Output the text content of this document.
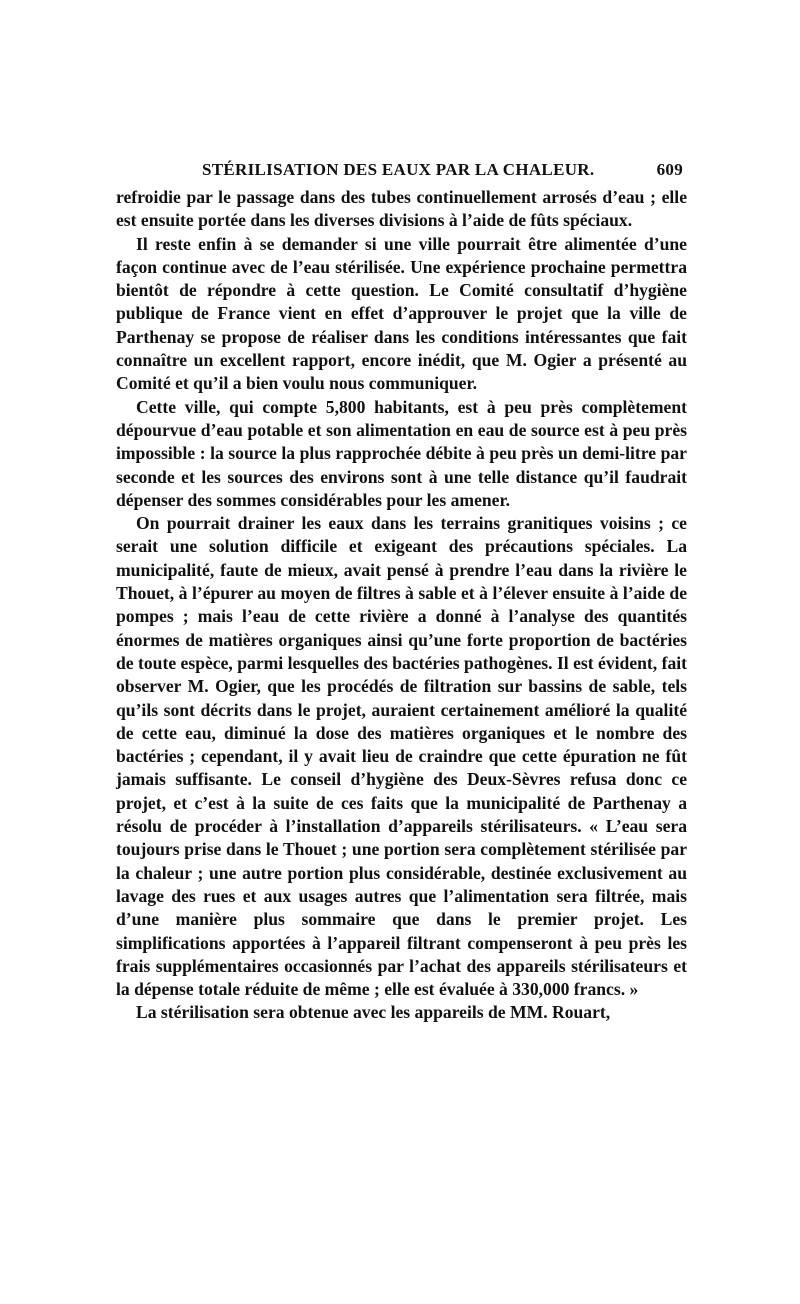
STÉRILISATION DES EAUX PAR LA CHALEUR.	609

refroidie par le passage dans des tubes continuellement arrosés d’eau ; elle est ensuite portée dans les diverses divisions à l’aide de fûts spéciaux.

Il reste enfin à se demander si une ville pourrait être alimentée d’une façon continue avec de l’eau stérilisée. Une expérience prochaine permettra bientôt de répondre à cette question. Le Comité consultatif d’hygiène publique de France vient en effet d’approuver le projet que la ville de Parthenay se propose de réaliser dans les conditions intéressantes que fait connaître un excellent rapport, encore inédit, que M. Ogier a présenté au Comité et qu’il a bien voulu nous communiquer.

Cette ville, qui compte 5,800 habitants, est à peu près complètement dépourvue d’eau potable et son alimentation en eau de source est à peu près impossible : la source la plus rapprochée débite à peu près un demi-litre par seconde et les sources des environs sont à une telle distance qu’il faudrait dépenser des sommes considérables pour les amener.

On pourrait drainer les eaux dans les terrains granitiques voisins ; ce serait une solution difficile et exigeant des précautions spéciales. La municipalité, faute de mieux, avait pensé à prendre l’eau dans la rivière le Thouet, à l’épurer au moyen de filtres à sable et à l’élever ensuite à l’aide de pompes ; mais l’eau de cette rivière a donné à l’analyse des quantités énormes de matières organiques ainsi qu’une forte proportion de bactéries de toute espèce, parmi lesquelles des bactéries pathogènes. Il est évident, fait observer M. Ogier, que les procédés de filtration sur bassins de sable, tels qu’ils sont décrits dans le projet, auraient certainement amélioré la qualité de cette eau, diminué la dose des matières organiques et le nombre des bactéries ; cependant, il y avait lieu de craindre que cette épuration ne fût jamais suffisante. Le conseil d’hygiène des Deux-Sèvres refusa donc ce projet, et c’est à la suite de ces faits que la municipalité de Parthenay a résolu de procéder à l’installation d’appareils stérilisateurs. « L’eau sera toujours prise dans le Thouet ; une portion sera complètement stérilisée par la chaleur ; une autre portion plus considérable, destinée exclusivement au lavage des rues et aux usages autres que l’alimentation sera filtrée, mais d’une manière plus sommaire que dans le premier projet. Les simplifications apportées à l’appareil filtrant compenseront à peu près les frais supplémentaires occasionnés par l’achat des appareils stérilisateurs et la dépense totale réduite de même ; elle est évaluée à 330,000 francs. »

La stérilisation sera obtenue avec les appareils de MM. Rouart,
